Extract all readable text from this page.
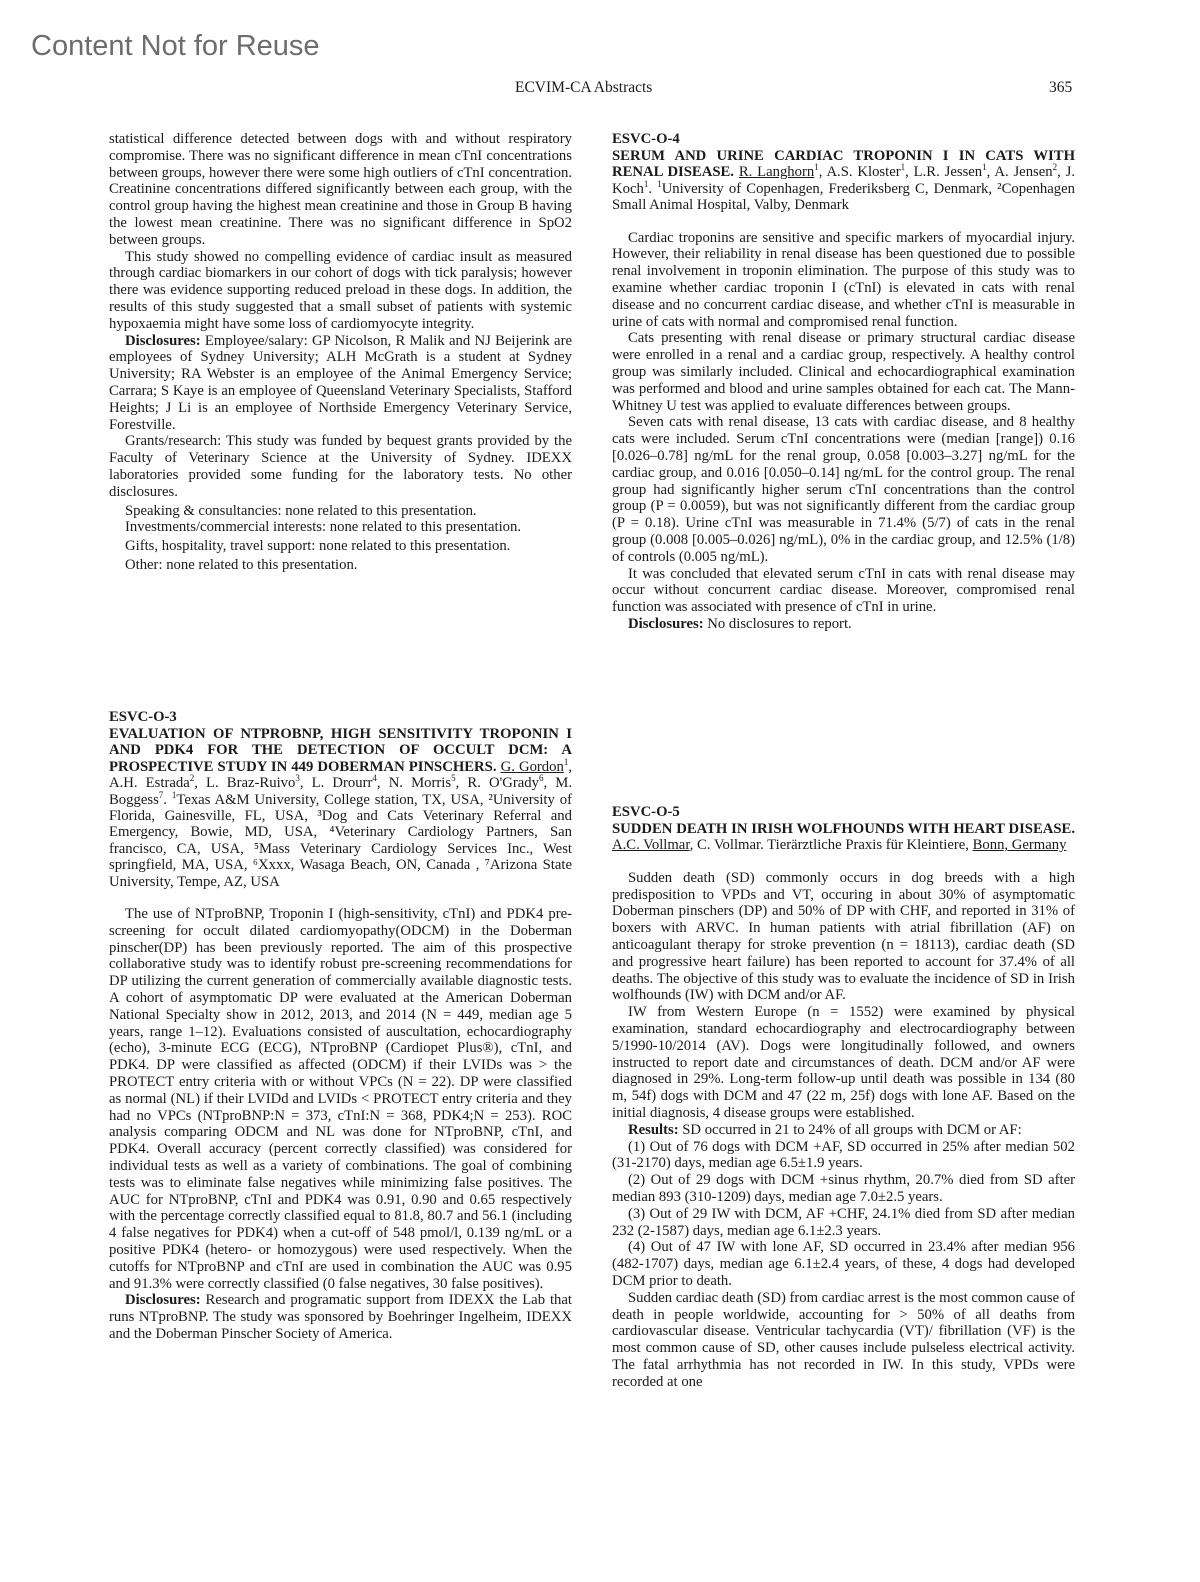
Content Not for Reuse
ECVIM-CA Abstracts	365

statistical difference detected between dogs with and without respiratory compromise. There was no significant difference in mean cTnI concentrations between groups, however there were some high outliers of cTnI concentration. Creatinine concentrations differed significantly between each group, with the control group having the highest mean creatinine and those in Group B having the lowest mean creatinine. There was no significant difference in SpO2 between groups.

This study showed no compelling evidence of cardiac insult as measured through cardiac biomarkers in our cohort of dogs with tick paralysis; however there was evidence supporting reduced preload in these dogs. In addition, the results of this study suggested that a small subset of patients with systemic hypoxaemia might have some loss of cardiomyocyte integrity.

Disclosures: Employee/salary: GP Nicolson, R Malik and NJ Beijerink are employees of Sydney University; ALH McGrath is a student at Sydney University; RA Webster is an employee of the Animal Emergency Service; Carrara; S Kaye is an employee of Queensland Veterinary Specialists, Stafford Heights; J Li is an employee of Northside Emergency Veterinary Service, Forestville.

Grants/research: This study was funded by bequest grants provided by the Faculty of Veterinary Science at the University of Sydney. IDEXX laboratories provided some funding for the laboratory tests. No other disclosures.

Speaking & consultancies: none related to this presentation.

Investments/commercial interests: none related to this presentation.

Gifts, hospitality, travel support: none related to this presentation.

Other: none related to this presentation.

ESVC-O-3
EVALUATION OF NTPROBNP, HIGH SENSITIVITY TROPONIN I AND PDK4 FOR THE DETECTION OF OCCULT DCM: A PROSPECTIVE STUDY IN 449 DOBERMAN PINSCHERS. G. Gordon$^1$, A.H. Estrada$^2$, L. Braz-Ruivo$^3$, L. Drourr$^4$, N. Morris$^5$, R. O'Grady$^6$, M. Boggess$^7$. $^1$Texas A&M University, College station, TX, USA, ²University of Florida, Gainesville, FL, USA, ³Dog and Cats Veterinary Referral and Emergency, Bowie, MD, USA, ⁴Veterinary Cardiology Partners, San francisco, CA, USA, ⁵Mass Veterinary Cardiology Services Inc., West springfield, MA, USA, ⁶Xxxx, Wasaga Beach, ON, Canada , ⁷Arizona State University, Tempe, AZ, USA

The use of NTproBNP, Troponin I (high-sensitivity, cTnI) and PDK4 pre-screening for occult dilated cardiomyopathy(ODCM) in the Doberman pinscher(DP) has been previously reported. The aim of this prospective collaborative study was to identify robust pre-screening recommendations for DP utilizing the current generation of commercially available diagnostic tests. A cohort of asymptomatic DP were evaluated at the American Doberman National Specialty show in 2012, 2013, and 2014 (N = 449, median age 5 years, range 1–12). Evaluations consisted of auscultation, echocardiography (echo), 3-minute ECG (ECG), NTproBNP (Cardiopet Plus®), cTnI, and PDK4. DP were classified as affected (ODCM) if their LVIDs was > the PROTECT entry criteria with or without VPCs (N = 22). DP were classified as normal (NL) if their LVIDd and LVIDs < PROTECT entry criteria and they had no VPCs (NTproBNP:N = 373, cTnI:N = 368, PDK4;N = 253). ROC analysis comparing ODCM and NL was done for NTproBNP, cTnI, and PDK4. Overall accuracy (percent correctly classified) was considered for individual tests as well as a variety of combinations. The goal of combining tests was to eliminate false negatives while minimizing false positives. The AUC for NTproBNP, cTnI and PDK4 was 0.91, 0.90 and 0.65 respectively with the percentage correctly classified equal to 81.8, 80.7 and 56.1 (including 4 false negatives for PDK4) when a cut-off of 548 pmol/l, 0.139 ng/mL or a positive PDK4 (hetero- or homozygous) were used respectively. When the cutoffs for NTproBNP and cTnI are used in combination the AUC was 0.95 and 91.3% were correctly classified (0 false negatives, 30 false positives).

Disclosures: Research and programatic support from IDEXX the Lab that runs NTproBNP. The study was sponsored by Boehringer Ingelheim, IDEXX and the Doberman Pinscher Society of America.

ESVC-O-4
SERUM AND URINE CARDIAC TROPONIN I IN CATS WITH RENAL DISEASE. R. Langhorn$^1$, A.S. Kloster$^1$, L.R. Jessen$^1$, A. Jensen$^2$, J. Koch$^1$. $^1$University of Copenhagen, Frederiksberg C, Denmark, ²Copenhagen Small Animal Hospital, Valby, Denmark

Cardiac troponins are sensitive and specific markers of myocardial injury. However, their reliability in renal disease has been questioned due to possible renal involvement in troponin elimination. The purpose of this study was to examine whether cardiac troponin I (cTnI) is elevated in cats with renal disease and no concurrent cardiac disease, and whether cTnI is measurable in urine of cats with normal and compromised renal function.

Cats presenting with renal disease or primary structural cardiac disease were enrolled in a renal and a cardiac group, respectively. A healthy control group was similarly included. Clinical and echocardiographical examination was performed and blood and urine samples obtained for each cat. The Mann-Whitney U test was applied to evaluate differences between groups.

Seven cats with renal disease, 13 cats with cardiac disease, and 8 healthy cats were included. Serum cTnI concentrations were (median [range]) 0.16 [0.026–0.78] ng/mL for the renal group, 0.058 [0.003–3.27] ng/mL for the cardiac group, and 0.016 [0.050–0.14] ng/mL for the control group. The renal group had significantly higher serum cTnI concentrations than the control group (P = 0.0059), but was not significantly different from the cardiac group (P = 0.18). Urine cTnI was measurable in 71.4% (5/7) of cats in the renal group (0.008 [0.005–0.026] ng/mL), 0% in the cardiac group, and 12.5% (1/8) of controls (0.005 ng/mL).

It was concluded that elevated serum cTnI in cats with renal disease may occur without concurrent cardiac disease. Moreover, compromised renal function was associated with presence of cTnI in urine.

Disclosures: No disclosures to report.

ESVC-O-5
SUDDEN DEATH IN IRISH WOLFHOUNDS WITH HEART DISEASE. A.C. Vollmar, C. Vollmar. Tierärztliche Praxis für Kleintiere, Bonn, Germany

Sudden death (SD) commonly occurs in dog breeds with a high predisposition to VPDs and VT, occuring in about 30% of asymptomatic Doberman pinschers (DP) and 50% of DP with CHF, and reported in 31% of boxers with ARVC. In human patients with atrial fibrillation (AF) on anticoagulant therapy for stroke prevention (n = 18113), cardiac death (SD and progressive heart failure) has been reported to account for 37.4% of all deaths. The objective of this study was to evaluate the incidence of SD in Irish wolfhounds (IW) with DCM and/or AF.

IW from Western Europe (n = 1552) were examined by physical examination, standard echocardiography and electrocardiography between 5/1990-10/2014 (AV). Dogs were longitudinally followed, and owners instructed to report date and circumstances of death. DCM and/or AF were diagnosed in 29%. Long-term follow-up until death was possible in 134 (80 m, 54f) dogs with DCM and 47 (22 m, 25f) dogs with lone AF. Based on the initial diagnosis, 4 disease groups were established.

Results: SD occurred in 21 to 24% of all groups with DCM or AF:

(1) Out of 76 dogs with DCM +AF, SD occurred in 25% after median 502 (31-2170) days, median age 6.5±1.9 years.

(2) Out of 29 dogs with DCM +sinus rhythm, 20.7% died from SD after median 893 (310-1209) days, median age 7.0±2.5 years.

(3) Out of 29 IW with DCM, AF +CHF, 24.1% died from SD after median 232 (2-1587) days, median age 6.1±2.3 years.

(4) Out of 47 IW with lone AF, SD occurred in 23.4% after median 956 (482-1707) days, median age 6.1±2.4 years, of these, 4 dogs had developed DCM prior to death.

Sudden cardiac death (SD) from cardiac arrest is the most common cause of death in people worldwide, accounting for > 50% of all deaths from cardiovascular disease. Ventricular tachycardia (VT)/ fibrillation (VF) is the most common cause of SD, other causes include pulseless electrical activity. The fatal arrhythmia has not recorded in IW. In this study, VPDs were recorded at one
